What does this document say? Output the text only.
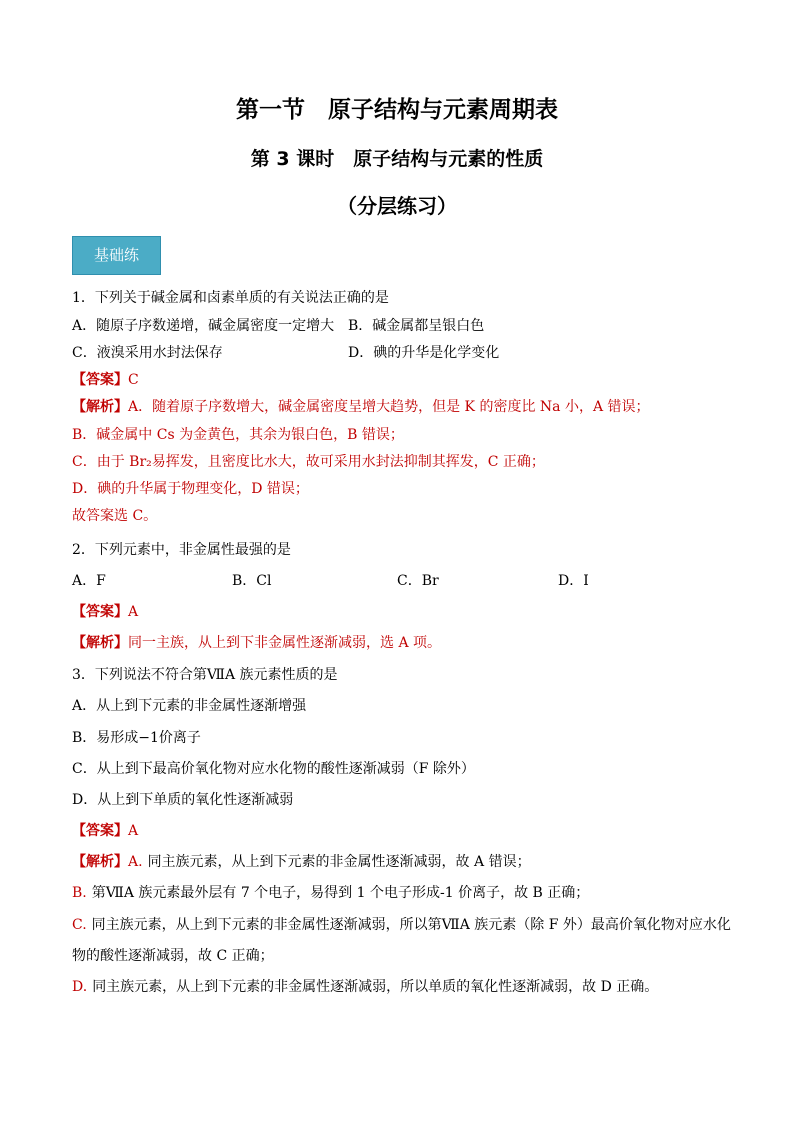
第一节　原子结构与元素周期表
第 3 课时　原子结构与元素的性质
（分层练习）
基础练
1．下列关于碱金属和卤素单质的有关说法正确的是
A．随原子序数递增，碱金属密度一定增大 B．碱金属都呈银白色
C．液溴采用水封法保存	D．碘的升华是化学变化
【答案】C
【解析】A．随着原子序数增大，碱金属密度呈增大趋势，但是 K 的密度比 Na 小，A 错误；
B．碱金属中 Cs 为金黄色，其余为银白色，B 错误；
C．由于 Br₂易挥发，且密度比水大，故可采用水封法抑制其挥发，C 正确；
D．碘的升华属于物理变化，D 错误；
故答案选 C。
2．下列元素中，非金属性最强的是
A．F	B．Cl	C．Br	D．I
【答案】A
【解析】同一主族，从上到下非金属性逐渐减弱，选 A 项。
3．下列说法不符合第ⅦA 族元素性质的是
A．从上到下元素的非金属性逐渐增强
B．易形成−1价离子
C．从上到下最高价氧化物对应水化物的酸性逐渐减弱（F 除外）
D．从上到下单质的氧化性逐渐减弱
【答案】A
【解析】A. 同主族元素，从上到下元素的非金属性逐渐减弱，故 A 错误；
B. 第ⅦA 族元素最外层有 7 个电子，易得到 1 个电子形成-1 价离子，故 B 正确；
C. 同主族元素，从上到下元素的非金属性逐渐减弱，所以第ⅦA 族元素（除 F 外）最高价氧化物对应水化
物的酸性逐渐减弱，故 C 正确；
D. 同主族元素，从上到下元素的非金属性逐渐减弱，所以单质的氧化性逐渐减弱，故 D 正确。
